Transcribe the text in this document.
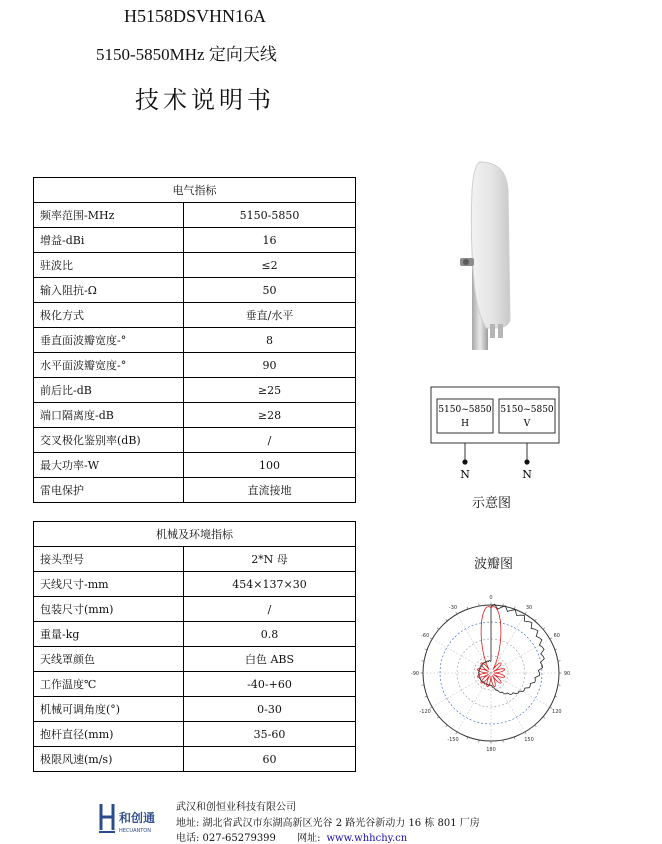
H5158DSVHN16A
5150-5850MHz 定向天线
技术说明书
电气指标	
频率范围-MHz	5150-5850
增益-dBi	16
驻波比	≤2
输入阻抗-Ω	50
极化方式	垂直/水平
垂直面波瓣宽度-°	8
水平面波瓣宽度-°	90
前后比-dB	≥25
端口隔离度-dB	≥28
交叉极化鉴别率(dB)	/
最大功率-W	100
雷电保护	直流接地
机械及环境指标	
接头型号	2*N 母
天线尺寸-mm	454×137×30
包装尺寸(mm)	/
重量-kg	0.8
天线罩颜色	白色 ABS
工作温度℃	-40-+60
机械可调角度(°)	0-30
抱杆直径(mm)	35-60
极限风速(m/s)	60
5150~5850
H
5150~5850
V
N	N
示意图
波瓣图
0
30
60
90
120
150
180
-150
-120
-90
-60
-30
和创通
HECUANTON
武汉和创恒业科技有限公司
地址: 湖北省武汉市东湖高新区光谷 2 路光谷新动力 16 栋 801 厂房
电话: 027-65279399 网址: www.whhchy.cn
